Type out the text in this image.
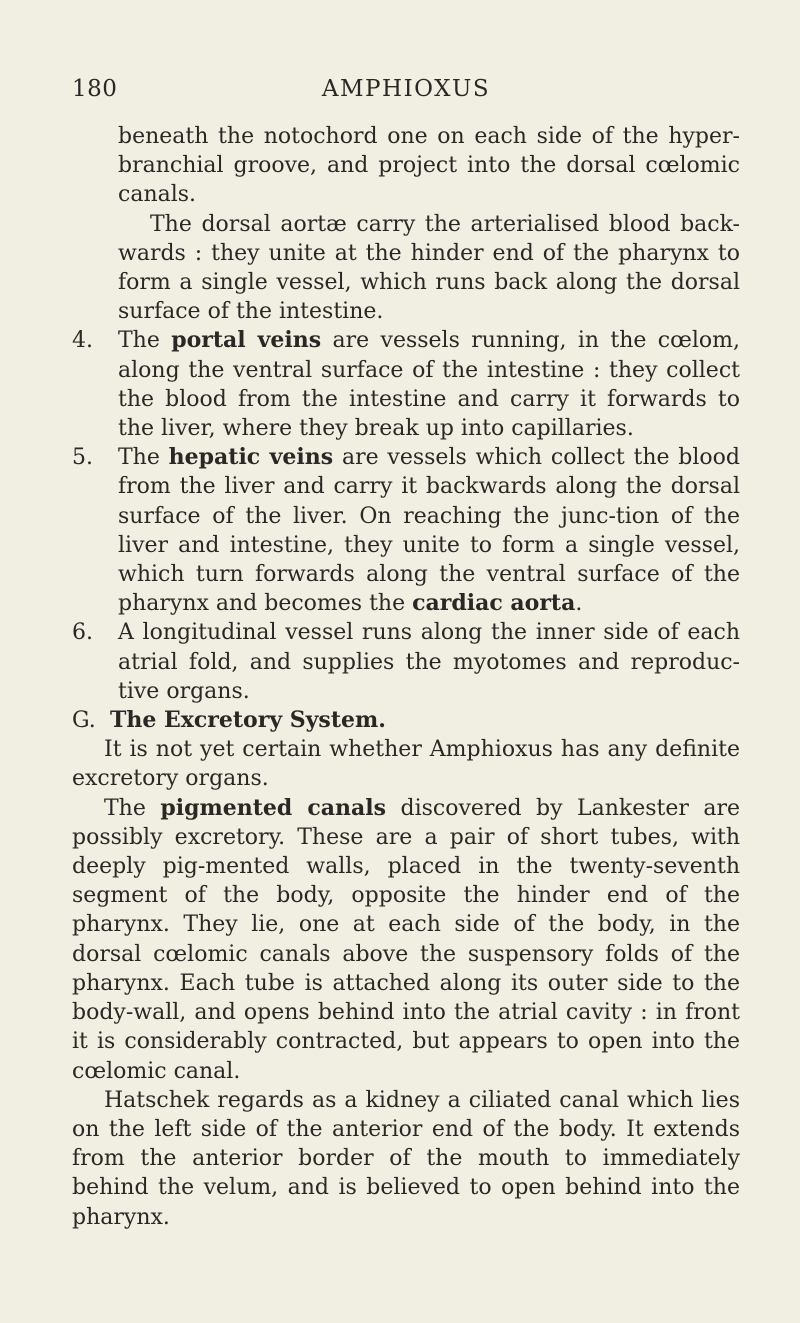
180	AMPHIOXUS

beneath the notochord one on each side of the hyper-branchial groove, and project into the dorsal cœlomic canals.

The dorsal aortæ carry the arterialised blood back-wards : they unite at the hinder end of the pharynx to form a single vessel, which runs back along the dorsal surface of the intestine.

4. The portal veins are vessels running, in the cœlom, along the ventral surface of the intestine : they collect the blood from the intestine and carry it forwards to the liver, where they break up into capillaries.

5. The hepatic veins are vessels which collect the blood from the liver and carry it backwards along the dorsal surface of the liver. On reaching the junc-tion of the liver and intestine, they unite to form a single vessel, which turn forwards along the ventral surface of the pharynx and becomes the cardiac aorta.

6. A longitudinal vessel runs along the inner side of each atrial fold, and supplies the myotomes and reproduc-tive organs.

G. The Excretory System.

It is not yet certain whether Amphioxus has any definite excretory organs.

The pigmented canals discovered by Lankester are possibly excretory. These are a pair of short tubes, with deeply pig-mented walls, placed in the twenty-seventh segment of the body, opposite the hinder end of the pharynx. They lie, one at each side of the body, in the dorsal cœlomic canals above the suspensory folds of the pharynx. Each tube is attached along its outer side to the body-wall, and opens behind into the atrial cavity : in front it is considerably contracted, but appears to open into the cœlomic canal.

Hatschek regards as a kidney a ciliated canal which lies on the left side of the anterior end of the body. It extends from the anterior border of the mouth to immediately behind the velum, and is believed to open behind into the pharynx.
